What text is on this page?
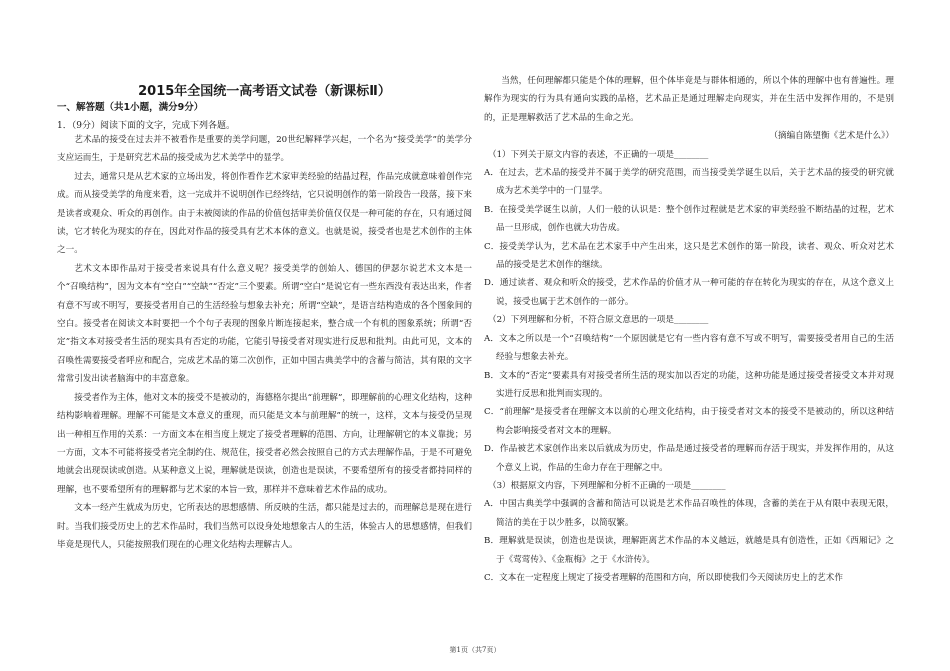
2015年全国统一高考语文试卷（新课标Ⅱ）
一、解答题（共1小题，满分9分）
1．（9分）阅读下面的文字，完成下列各题。

艺术品的接受在过去并不被看作是重要的美学问题，20世纪解释学兴起，一个名为“接受美学”的美学分支应运而生，于是研究艺术品的接受成为艺术美学中的显学。

过去，通常只是从艺术家的立场出发，将创作看作艺术家审美经验的结晶过程，作品完成就意味着创作完成。而从接受美学的角度来看，这一完成并不说明创作已经终结，它只说明创作的第一阶段告一段落，接下来是读者或观众、听众的再创作。由于未被阅读的作品的价值包括审美价值仅仅是一种可能的存在，只有通过阅读，它才转化为现实的存在，因此对作品的接受具有艺术本体的意义。也就是说，接受者也是艺术创作的主体之一。

艺术文本即作品对于接受者来说具有什么意义呢？接受美学的创始人、德国的伊瑟尔说艺术文本是一个“召唤结构”，因为文本有“空白”“空缺”“否定”三个要素。所谓“空白”是说它有一些东西没有表达出来，作者有意不写或不明写，要接受者用自己的生活经验与想象去补充；所谓“空缺”，是语言结构造成的各个图象间的空白。接受者在阅读文本时要把一个个句子表现的图象片断连接起来，整合成一个有机的图象系统；所谓“否定”指文本对接受者生活的现实具有否定的功能，它能引导接受者对现实进行反思和批判。由此可见，文本的召唤性需要接受者呼应和配合，完成艺术品的第二次创作，正如中国古典美学中的含蓄与简洁，其有限的文字常常引发出读者脑海中的丰富意象。

接受者作为主体，他对文本的接受不是被动的，海德格尔提出“前理解”，即理解前的心理文化结构，这种结构影响着理解。理解不可能是文本意义的重现，而只能是文本与前理解”的统一，这样，文本与接受仍呈现出一种相互作用的关系：一方面文本在相当度上规定了接受者理解的范围、方向，让理解朝它的本义靠拢；另一方面，文本不可能将接受者完全制约住、规范住，接受者必然会按照自己的方式去理解作品，于是不可避免地就会出现误读或创造。从某种意义上说，理解就是误读，创造也是误读，不要希望所有的接受者都持同样的理解，也不要希望所有的理解都与艺术家的本旨一致，那样并不意味着艺术作品的成功。

文本一经产生就成为历史，它所表达的思想感情、所反映的生活，都只能是过去的，而理解总是现在进行时。当我们接受历史上的艺术作品时，我们当然可以设身处地想象古人的生活，体验古人的思想感情，但我们毕竟是现代人，只能按照我们现在的心理文化结构去理解古人。

当然，任何理解都只能是个体的理解，但个体毕竟是与群体相通的，所以个体的理解中也有普遍性。理解作为现实的行为具有通向实践的品格，艺术品正是通过理解走向现实，并在生活中发挥作用的，不是别的，正是理解救活了艺术品的生命之光。

（摘编自陈望衡《艺术是什么》）

（1）下列关于原文内容的表述，不正确的一项是________

A．在过去，艺术品的接受并不属于美学的研究范围，而当接受美学诞生以后，关于艺术品的接受的研究就成为艺术美学中的一门显学。

B．在接受美学诞生以前，人们一般的认识是：整个创作过程就是艺术家的审美经验不断结晶的过程，艺术品一旦形成，创作也就大功告成。

C．接受美学认为，艺术品在艺术家手中产生出来，这只是艺术创作的第一阶段，读者、观众、听众对艺术品的接受是艺术创作的继续。

D．通过读者、观众和听众的接受，艺术作品的价值才从一种可能的存在转化为现实的存在，从这个意义上说，接受也属于艺术创作的一部分。

（2）下列理解和分析，不符合原文意思的一项是________

A．文本之所以是一个“召唤结构”一个原因就是它有一些内容有意不写或不明写，需要接受者用自己的生活经验与想象去补充。

B．文本的“否定”要素具有对接受者所生活的现实加以否定的功能，这种功能是通过接受者接受文本并对现实进行反思和批判而实现的。

C．“前理解”是接受者在理解文本以前的心理文化结构，由于接受者对文本的接受不是被动的，所以这种结构会影响接受者对文本的理解。

D．作品被艺术家创作出来以后就成为历史，作品是通过接受者的理解而存活于现实，并发挥作用的，从这个意义上说，作品的生命力存在于理解之中。

（3）根据原文内容，下列理解和分析不正确的一项是________

A．中国古典美学中强调的含蓄和简洁可以说是艺术作品召唤性的体现，含蓄的美在于从有限中表现无限，简洁的美在于以少胜多，以简驭繁。

B．理解就是误读，创造也是误读，理解距离艺术作品的本义越远，就越是具有创造性，正如《西厢记》之于《莺莺传》、《金瓶梅》之于《水浒传》。

C．文本在一定程度上规定了接受者理解的范围和方向，所以即使我们今天阅读历史上的艺术作

第1页（共7页）
